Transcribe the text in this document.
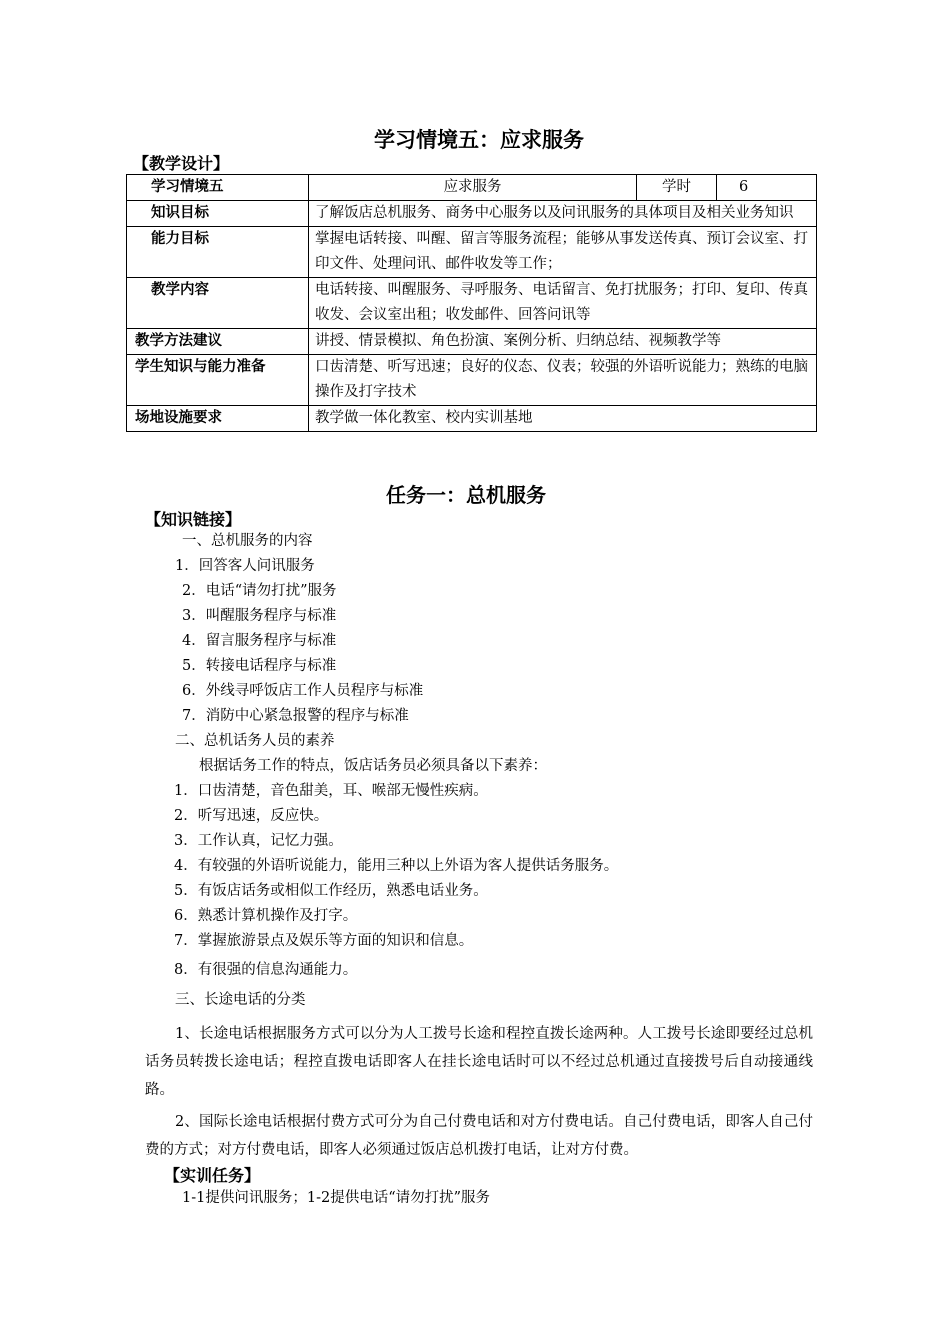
学习情境五：应求服务
【教学设计】
学习情境五	应求服务	学时	6
知识目标	了解饭店总机服务、商务中心服务以及问讯服务的具体项目及相关业务知识		
能力目标	掌握电话转接、叫醒、留言等服务流程；能够从事发送传真、预订会议室、打印文件、处理问讯、邮件收发等工作；		
教学内容	电话转接、叫醒服务、寻呼服务、电话留言、免打扰服务；打印、复印、传真收发、会议室出租；收发邮件、回答问讯等		
教学方法建议	讲授、情景模拟、角色扮演、案例分析、归纳总结、视频教学等		
学生知识与能力准备	口齿清楚、听写迅速；良好的仪态、仪表；较强的外语听说能力；熟练的电脑操作及打字技术		
场地设施要求	教学做一体化教室、校内实训基地		
任务一：总机服务
【知识链接】
一、总机服务的内容
1．回答客人问讯服务
2．电话“请勿打扰”服务
3．叫醒服务程序与标准
4．留言服务程序与标准
5．转接电话程序与标准
6．外线寻呼饭店工作人员程序与标准
7．消防中心紧急报警的程序与标准
二、总机话务人员的素养
根据话务工作的特点，饭店话务员必须具备以下素养：
1．口齿清楚，音色甜美，耳、喉部无慢性疾病。
2．听写迅速，反应快。
3．工作认真，记忆力强。
4．有较强的外语听说能力，能用三种以上外语为客人提供话务服务。
5．有饭店话务或相似工作经历，熟悉电话业务。
6．熟悉计算机操作及打字。
7．掌握旅游景点及娱乐等方面的知识和信息。
8．有很强的信息沟通能力。
三、长途电话的分类
1、长途电话根据服务方式可以分为人工拨号长途和程控直拨长途两种。人工拨号长途即要经过总机话务员转拨长途电话；程控直拨电话即客人在挂长途电话时可以不经过总机通过直接拨号后自动接通线路。
2、国际长途电话根据付费方式可分为自己付费电话和对方付费电话。自己付费电话，即客人自己付费的方式；对方付费电话，即客人必须通过饭店总机拨打电话，让对方付费。
【实训任务】
1-1提供问讯服务；1-2提供电话“请勿打扰”服务
